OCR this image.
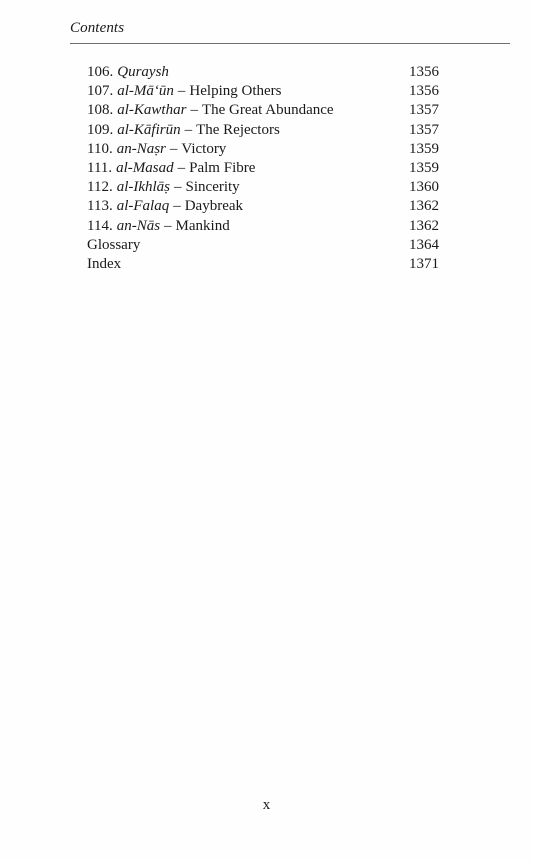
Contents
106. Quraysh	1356
107. al-Mā‘ūn – Helping Others	1356
108. al-Kawthar – The Great Abundance	1357
109. al-Kāfirūn – The Rejectors	1357
110. an-Naṣr – Victory	1359
111. al-Masad – Palm Fibre	1359
112. al-Ikhlāṣ – Sincerity	1360
113. al-Falaq – Daybreak	1362
114. an-Nās – Mankind	1362
Glossary	1364
Index	1371
x
